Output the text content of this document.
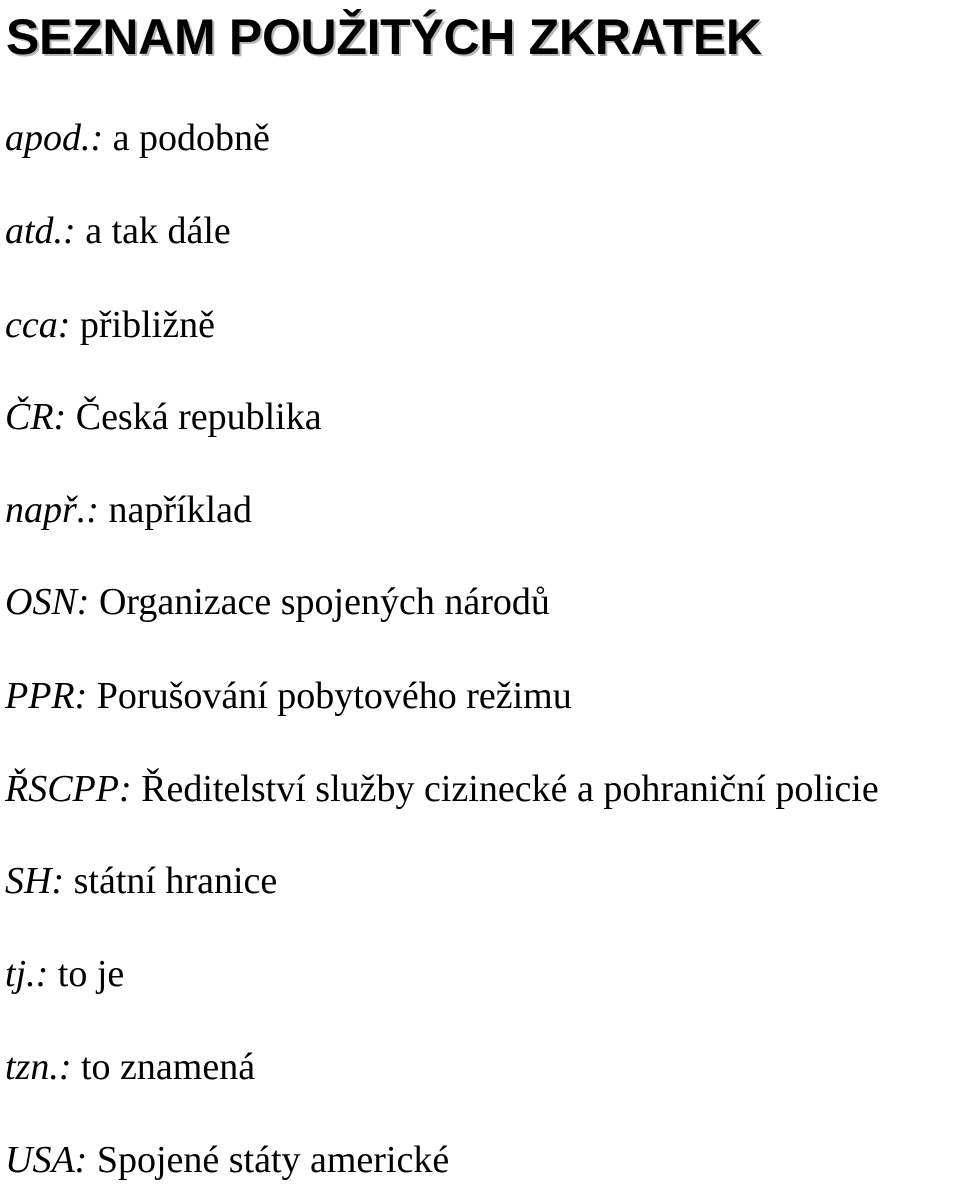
SEZNAM POUŽITÝCH ZKRATEK
apod.: a podobně
atd.: a tak dále
cca: přibližně
ČR: Česká republika
např.: například
OSN: Organizace spojených národů
PPR: Porušování pobytového režimu
ŘSCPP: Ředitelství služby cizinecké a pohraniční policie
SH: státní hranice
tj.: to je
tzn.: to znamená
USA: Spojené státy americké
